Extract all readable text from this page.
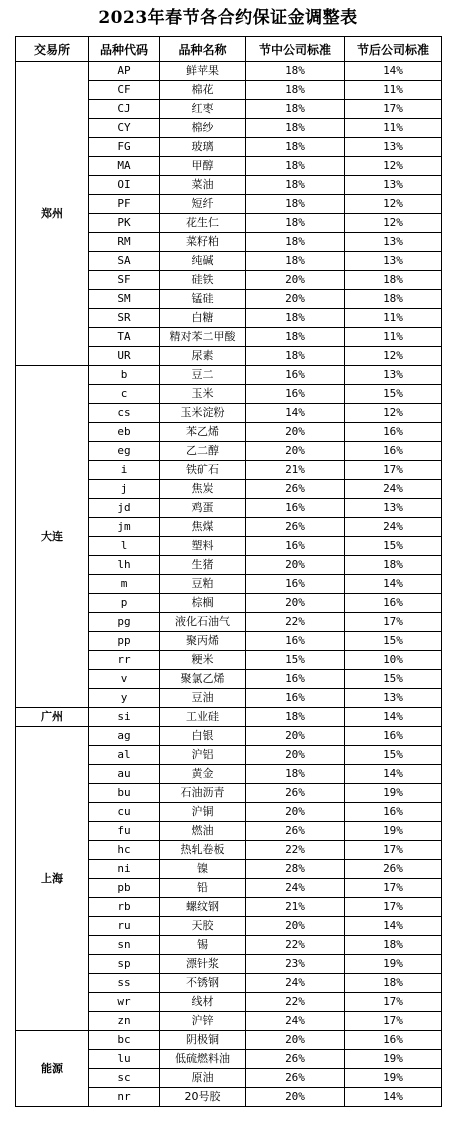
2023年春节各合约保证金调整表
交易所	品种代码	品种名称	节中公司标准	节后公司标准
郑州	AP	鲜苹果	18%	14%
	CF	棉花	18%	11%
	CJ	红枣	18%	17%
	CY	棉纱	18%	11%
	FG	玻璃	18%	13%
	MA	甲醇	18%	12%
	OI	菜油	18%	13%
	PF	短纤	18%	12%
	PK	花生仁	18%	12%
	RM	菜籽粕	18%	13%
	SA	纯碱	18%	13%
	SF	硅铁	20%	18%
	SM	锰硅	20%	18%
	SR	白糖	18%	11%
	TA	精对苯二甲酸	18%	11%
	UR	尿素	18%	12%
大连	b	豆二	16%	13%
	c	玉米	16%	15%
	cs	玉米淀粉	14%	12%
	eb	苯乙烯	20%	16%
	eg	乙二醇	20%	16%
	i	铁矿石	21%	17%
	j	焦炭	26%	24%
	jd	鸡蛋	16%	13%
	jm	焦煤	26%	24%
	l	塑料	16%	15%
	lh	生猪	20%	18%
	m	豆粕	16%	14%
	p	棕榈	20%	16%
	pg	液化石油气	22%	17%
	pp	聚丙烯	16%	15%
	rr	粳米	15%	10%
	v	聚氯乙烯	16%	15%
	y	豆油	16%	13%
广州	si	工业硅	18%	14%
上海	ag	白银	20%	16%
	al	沪铝	20%	15%
	au	黄金	18%	14%
	bu	石油沥青	26%	19%
	cu	沪铜	20%	16%
	fu	燃油	26%	19%
	hc	热轧卷板	22%	17%
	ni	镍	28%	26%
	pb	铅	24%	17%
	rb	螺纹钢	21%	17%
	ru	天胶	20%	14%
	sn	锡	22%	18%
	sp	漂针浆	23%	19%
	ss	不锈钢	24%	18%
	wr	线材	22%	17%
	zn	沪锌	24%	17%
能源	bc	阴极铜	20%	16%
	lu	低硫燃料油	26%	19%
	sc	原油	26%	19%
	nr	20号胶	20%	14%
